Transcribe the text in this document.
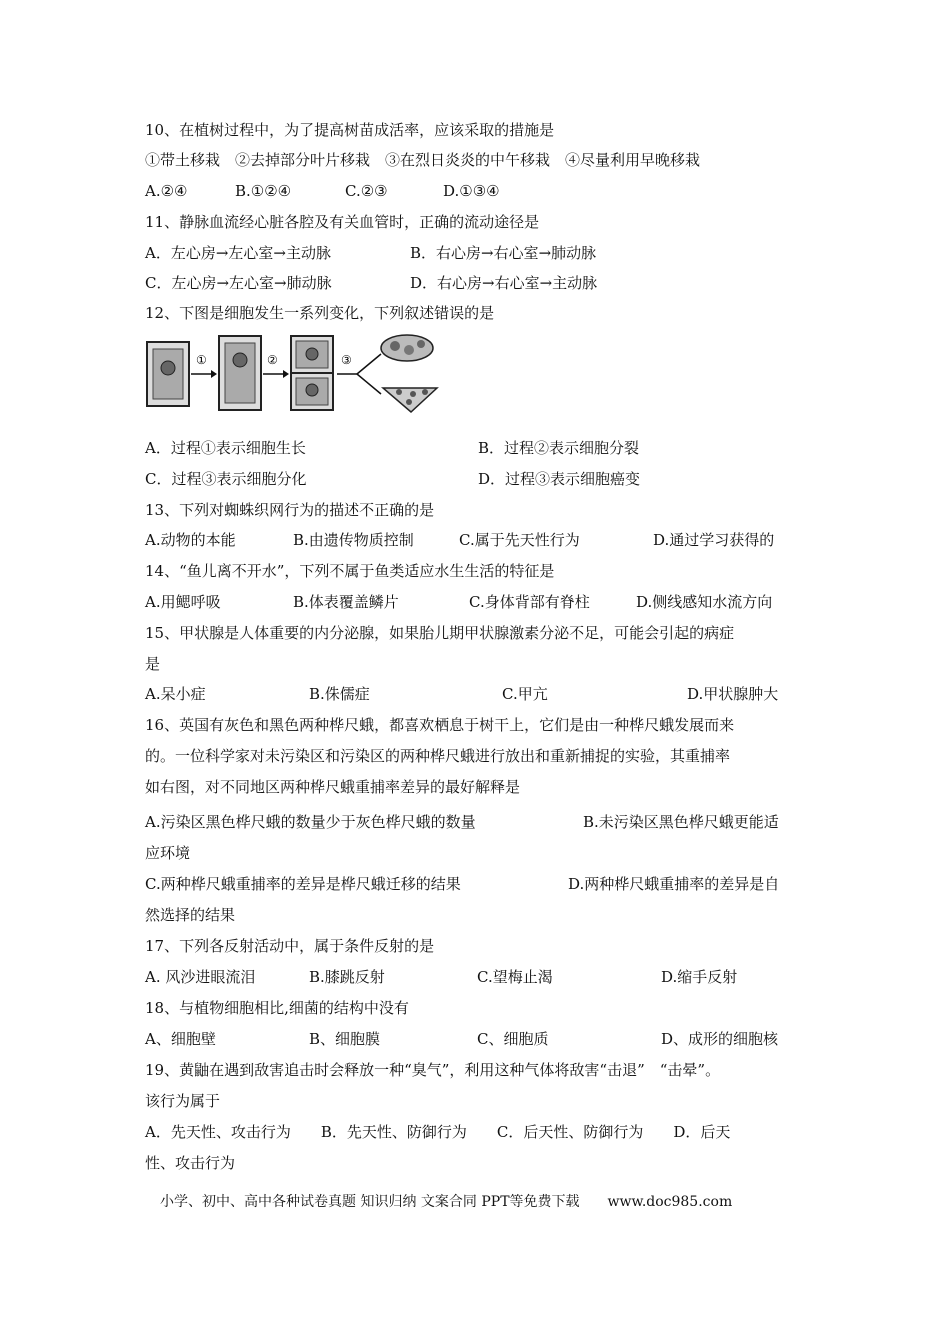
10、在植树过程中，为了提高树苗成活率，应该采取的措施是
①带土移栽　②去掉部分叶片移栽　③在烈日炎炎的中午移栽　④尽量利用早晚移栽
A.②④	B.①②④	C.②③	D.①③④
11、静脉血流经心脏各腔及有关血管时，正确的流动途径是
A．左心房→左心室→主动脉	B．右心房→右心室→肺动脉
C．左心房→左心室→肺动脉	D．右心房→右心室→主动脉
12、下图是细胞发生一系列变化，下列叙述错误的是
①	②	③
A．过程①表示细胞生长	B．过程②表示细胞分裂
C．过程③表示细胞分化	D．过程③表示细胞癌变
13、下列对蜘蛛织网行为的描述不正确的是
A.动物的本能	B.由遗传物质控制	C.属于先天性行为	D.通过学习获得的
14、“鱼儿离不开水”，下列不属于鱼类适应水生生活的特征是
A.用鳃呼吸	B.体表覆盖鳞片	C.身体背部有脊柱	D.侧线感知水流方向
15、甲状腺是人体重要的内分泌腺，如果胎儿期甲状腺激素分泌不足，可能会引起的病症
是
A.呆小症	B.侏儒症	C.甲亢	D.甲状腺肿大
16、英国有灰色和黑色两种桦尺蛾，都喜欢栖息于树干上，它们是由一种桦尺蛾发展而来
的。一位科学家对未污染区和污染区的两种桦尺蛾进行放出和重新捕捉的实验，其重捕率
如右图，对不同地区两种桦尺蛾重捕率差异的最好解释是
A.污染区黑色桦尺蛾的数量少于灰色桦尺蛾的数量	B.未污染区黑色桦尺蛾更能适
应环境
C.两种桦尺蛾重捕率的差异是桦尺蛾迁移的结果	D.两种桦尺蛾重捕率的差异是自
然选择的结果
17、下列各反射活动中，属于条件反射的是
A. 风沙进眼流泪	B.膝跳反射	C.望梅止渴	D.缩手反射
18、与植物细胞相比,细菌的结构中没有
A、细胞壁	B、细胞膜	C、细胞质	D、成形的细胞核
19、黄鼬在遇到敌害追击时会释放一种“臭气”，利用这种气体将敌害“击退”　“击晕”。
该行为属于
A．先天性、攻击行为　　B．先天性、防御行为　　C．后天性、防御行为　　D．后天
性、攻击行为
小学、初中、高中各种试卷真题 知识归纳 文案合同 PPT等免费下载　　www.doc985.com
